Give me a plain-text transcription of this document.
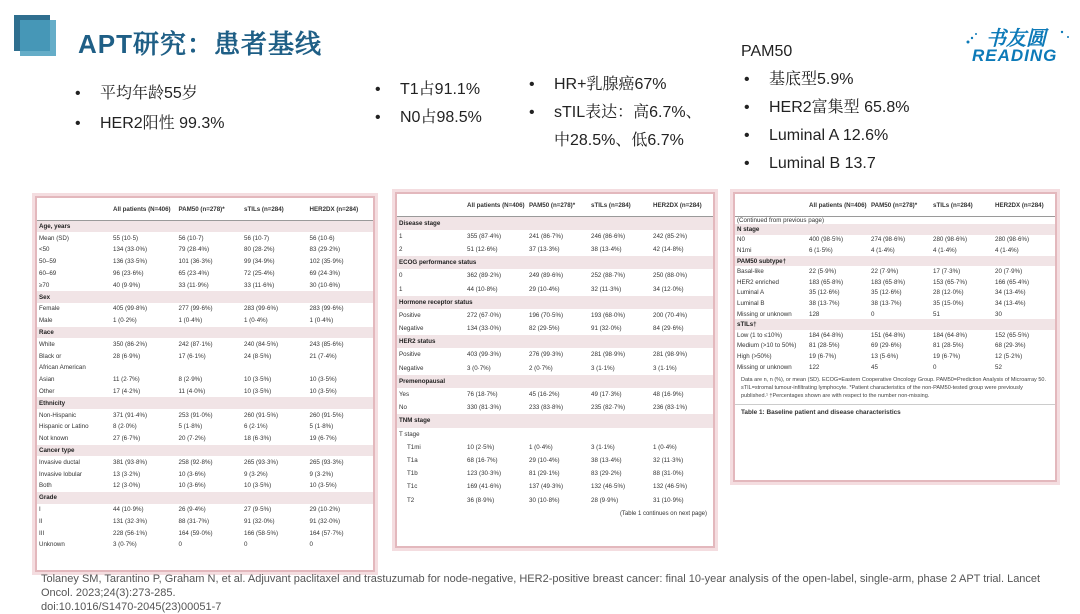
APT研究：患者基线	书友圆
READING
• 平均年龄55岁
• HER2阳性 99.3%
• T1占91.1%
• N0占98.5%
• HR+乳腺癌67%
• sTIL表达：高6.7%、
中28.5%、低6.7%
PAM50
• 基底型5.9%
• HER2富集型 65.8%
• Luminal A 12.6%
• Luminal B 13.7
	All patients (N=406)	PAM50 (n=278)*	sTILs (n=284)	HER2DX (n=284)
Age, years				
Mean (SD)	55 (10·5)	56 (10·7)	56 (10·7)	56 (10·6)
<50	134 (33·0%)	79 (28·4%)	80 (28·2%)	83 (29·2%)
50–59	136 (33·5%)	101 (36·3%)	99 (34·9%)	102 (35·9%)
60–69	96 (23·6%)	65 (23·4%)	72 (25·4%)	69 (24·3%)
≥70	40 (9·9%)	33 (11·9%)	33 (11·6%)	30 (10·6%)
Sex				
Female	405 (99·8%)	277 (99·6%)	283 (99·6%)	283 (99·6%)
Male	1 (0·2%)	1 (0·4%)	1 (0·4%)	1 (0·4%)
Race				
White	350 (86·2%)	242 (87·1%)	240 (84·5%)	243 (85·6%)
Black or	28 (6·9%)	17 (6·1%)	24 (8·5%)	21 (7·4%)
African American				
Asian	11 (2·7%)	8 (2·9%)	10 (3·5%)	10 (3·5%)
Other	17 (4·2%)	11 (4·0%)	10 (3·5%)	10 (3·5%)
Ethnicity				
Non-Hispanic	371 (91·4%)	253 (91·0%)	260 (91·5%)	260 (91·5%)
Hispanic or Latino	8 (2·0%)	5 (1·8%)	6 (2·1%)	5 (1·8%)
Not known	27 (6·7%)	20 (7·2%)	18 (6·3%)	19 (6·7%)
Cancer type				
Invasive ductal	381 (93·8%)	258 (92·8%)	265 (93·3%)	265 (93·3%)
Invasive lobular	13 (3·2%)	10 (3·6%)	9 (3·2%)	9 (3·2%)
Both	12 (3·0%)	10 (3·6%)	10 (3·5%)	10 (3·5%)
Grade				
I	44 (10·9%)	26 (9·4%)	27 (9·5%)	29 (10·2%)
II	131 (32·3%)	88 (31·7%)	91 (32·0%)	91 (32·0%)
III	228 (56·1%)	164 (59·0%)	166 (58·5%)	164 (57·7%)
Unknown	3 (0·7%)	0	0	0
	All patients (N=406)	PAM50 (n=278)*	sTILs (n=284)	HER2DX (n=284)
Disease stage				
1	355 (87·4%)	241 (86·7%)	246 (86·6%)	242 (85·2%)
2	51 (12·6%)	37 (13·3%)	38 (13·4%)	42 (14·8%)
ECOG performance status				
0	362 (89·2%)	249 (89·6%)	252 (88·7%)	250 (88·0%)
1	44 (10·8%)	29 (10·4%)	32 (11·3%)	34 (12·0%)
Hormone receptor status				
Positive	272 (67·0%)	196 (70·5%)	193 (68·0%)	200 (70·4%)
Negative	134 (33·0%)	82 (29·5%)	91 (32·0%)	84 (29·6%)
HER2 status				
Positive	403 (99·3%)	276 (99·3%)	281 (98·9%)	281 (98·9%)
Negative	3 (0·7%)	2 (0·7%)	3 (1·1%)	3 (1·1%)
Premenopausal				
Yes	76 (18·7%)	45 (16·2%)	49 (17·3%)	48 (16·9%)
No	330 (81·3%)	233 (83·8%)	235 (82·7%)	236 (83·1%)
TNM stage				
T stage				
T1mi	10 (2·5%)	1 (0·4%)	3 (1·1%)	1 (0·4%)
T1a	68 (16·7%)	29 (10·4%)	38 (13·4%)	32 (11·3%)
T1b	123 (30·3%)	81 (29·1%)	83 (29·2%)	88 (31·0%)
T1c	169 (41·6%)	137 (49·3%)	132 (46·5%)	132 (46·5%)
T2	36 (8·9%)	30 (10·8%)	28 (9·9%)	31 (10·9%)
(Table 1 continues on next page)
	All patients (N=406)	PAM50 (n=278)*	sTILs (n=284)	HER2DX (n=284)
(Continued from previous page)				
N stage				
N0	400 (98·5%)	274 (98·6%)	280 (98·6%)	280 (98·6%)
N1mi	6 (1·5%)	4 (1·4%)	4 (1·4%)	4 (1·4%)
PAM50 subtype†				
Basal-like	22 (5·9%)	22 (7·9%)	17 (7·3%)	20 (7·9%)
HER2 enriched	183 (65·8%)	183 (65·8%)	153 (65·7%)	166 (65·4%)
Luminal A	35 (12·6%)	35 (12·6%)	28 (12·0%)	34 (13·4%)
Luminal B	38 (13·7%)	38 (13·7%)	35 (15·0%)	34 (13·4%)
Missing or unknown	128	0	51	30
sTILs†				
Low (1 to ≤10%)	184 (64·8%)	151 (64·8%)	184 (64·8%)	152 (65·5%)
Medium (>10 to 50%)	81 (28·5%)	69 (29·6%)	81 (28·5%)	68 (29·3%)
High (>50%)	19 (6·7%)	13 (5·6%)	19 (6·7%)	12 (5·2%)
Missing or unknown	122	45	0	52
Data are n, n (%), or mean (SD). ECOG=Eastern Cooperative Oncology Group. PAM50=Prediction Analysis of Microarray 50. sTIL=stromal tumour-infiltrating lymphocyte. *Patient characteristics of the non-PAM50-tested group were previously published.¹ †Percentages shown are with respect to the number non-missing.
Table 1: Baseline patient and disease characteristics
Tolaney SM, Tarantino P, Graham N, et al. Adjuvant paclitaxel and trastuzumab for node-negative, HER2-positive breast cancer: final 10-year analysis of the open-label, single-arm, phase 2 APT trial. Lancet Oncol. 2023;24(3):273-285.
doi:10.1016/S1470-2045(23)00051-7
